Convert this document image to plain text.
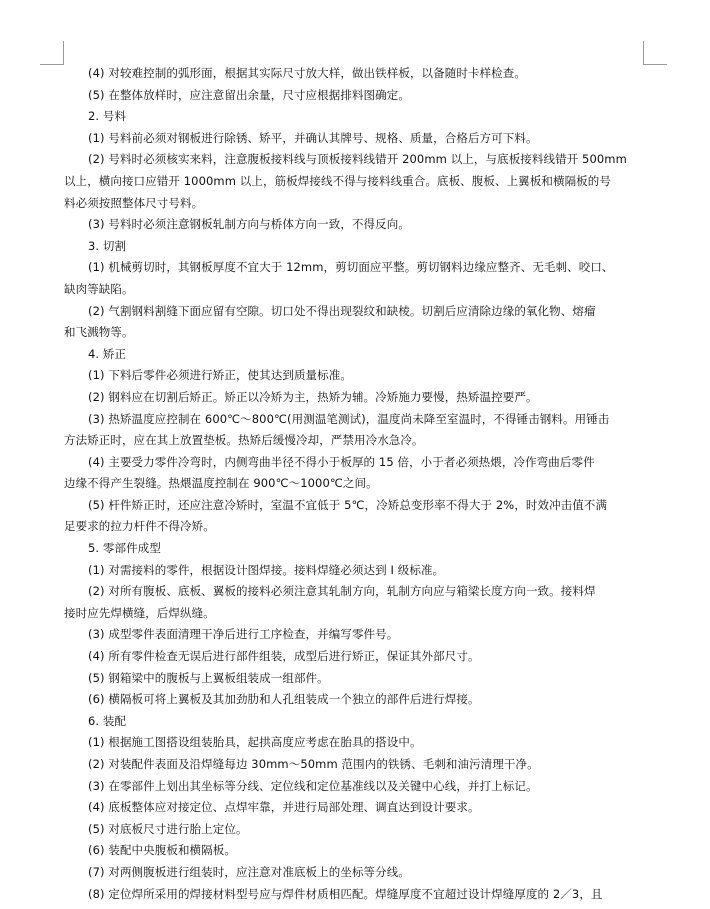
(4) 对较难控制的弧形面，根据其实际尺寸放大样，做出铁样板，以备随时卡样检查。
(5) 在整体放样时，应注意留出余量，尺寸应根据排料图确定。
2. 号料
(1) 号料前必须对钢板进行除锈、矫平，并确认其牌号、规格、质量，合格后方可下料。
(2) 号料时必须核实来料，注意腹板接料线与顶板接料线错开 200mm 以上，与底板接料线错开 500mm
以上，横向接口应错开 1000mm 以上，筋板焊接线不得与接料线重合。底板、腹板、上翼板和横隔板的号
料必须按照整体尺寸号料。
(3) 号料时必须注意钢板轧制方向与桥体方向一致，不得反向。
3. 切割
(1) 机械剪切时，其钢板厚度不宜大于 12mm，剪切面应平整。剪切钢料边缘应整齐、无毛刺、咬口、
缺肉等缺陷。
(2) 气割钢料割缝下面应留有空隙。切口处不得出现裂纹和缺棱。切割后应清除边缘的氧化物、熔瘤
和飞溅物等。
4. 矫正
(1) 下料后零件必须进行矫正，使其达到质量标准。
(2) 钢料应在切割后矫正。矫正以冷矫为主，热矫为辅。冷矫施力要慢，热矫温控要严。
(3) 热矫温度应控制在 600℃～800℃(用测温笔测试)，温度尚未降至室温时，不得锤击钢料。用锤击
方法矫正时，应在其上放置垫板。热矫后缓慢冷却，严禁用冷水急冷。
(4) 主要受力零件冷弯时，内侧弯曲半径不得小于板厚的 15 倍，小于者必须热煨，冷作弯曲后零件
边缘不得产生裂缝。热煨温度控制在 900℃～1000℃之间。
(5) 杆件矫正时，还应注意冷矫时，室温不宜低于 5℃，冷矫总变形率不得大于 2%，时效冲击值不满
足要求的拉力杆件不得冷矫。
5. 零部件成型
(1) 对需接料的零件，根据设计图焊接。接料焊缝必须达到 I 级标准。
(2) 对所有腹板、底板、翼板的接料必须注意其轧制方向，轧制方向应与箱梁长度方向一致。接料焊
接时应先焊横缝，后焊纵缝。
(3) 成型零件表面清理干净后进行工序检查，并编写零件号。
(4) 所有零件检查无误后进行部件组装，成型后进行矫正，保证其外部尺寸。
(5) 钢箱梁中的腹板与上翼板组装成一组部件。
(6) 横隔板可将上翼板及其加劲肋和人孔组装成一个独立的部件后进行焊接。
6. 装配
(1) 根据施工图搭设组装胎具，起拱高度应考虑在胎具的搭设中。
(2) 对装配件表面及沿焊缝每边 30mm～50mm 范围内的铁锈、毛刺和油污清理干净。
(3) 在零部件上划出其坐标等分线、定位线和定位基准线以及关键中心线，并打上标记。
(4) 底板整体应对接定位、点焊牢靠，并进行局部处理、调直达到设计要求。
(5) 对底板尺寸进行胎上定位。
(6) 装配中央腹板和横隔板。
(7) 对两侧腹板进行组装时，应注意对准底板上的坐标等分线。
(8) 定位焊所采用的焊接材料型号应与焊件材质相匹配。焊缝厚度不宜超过设计焊缝厚度的 2／3，且
